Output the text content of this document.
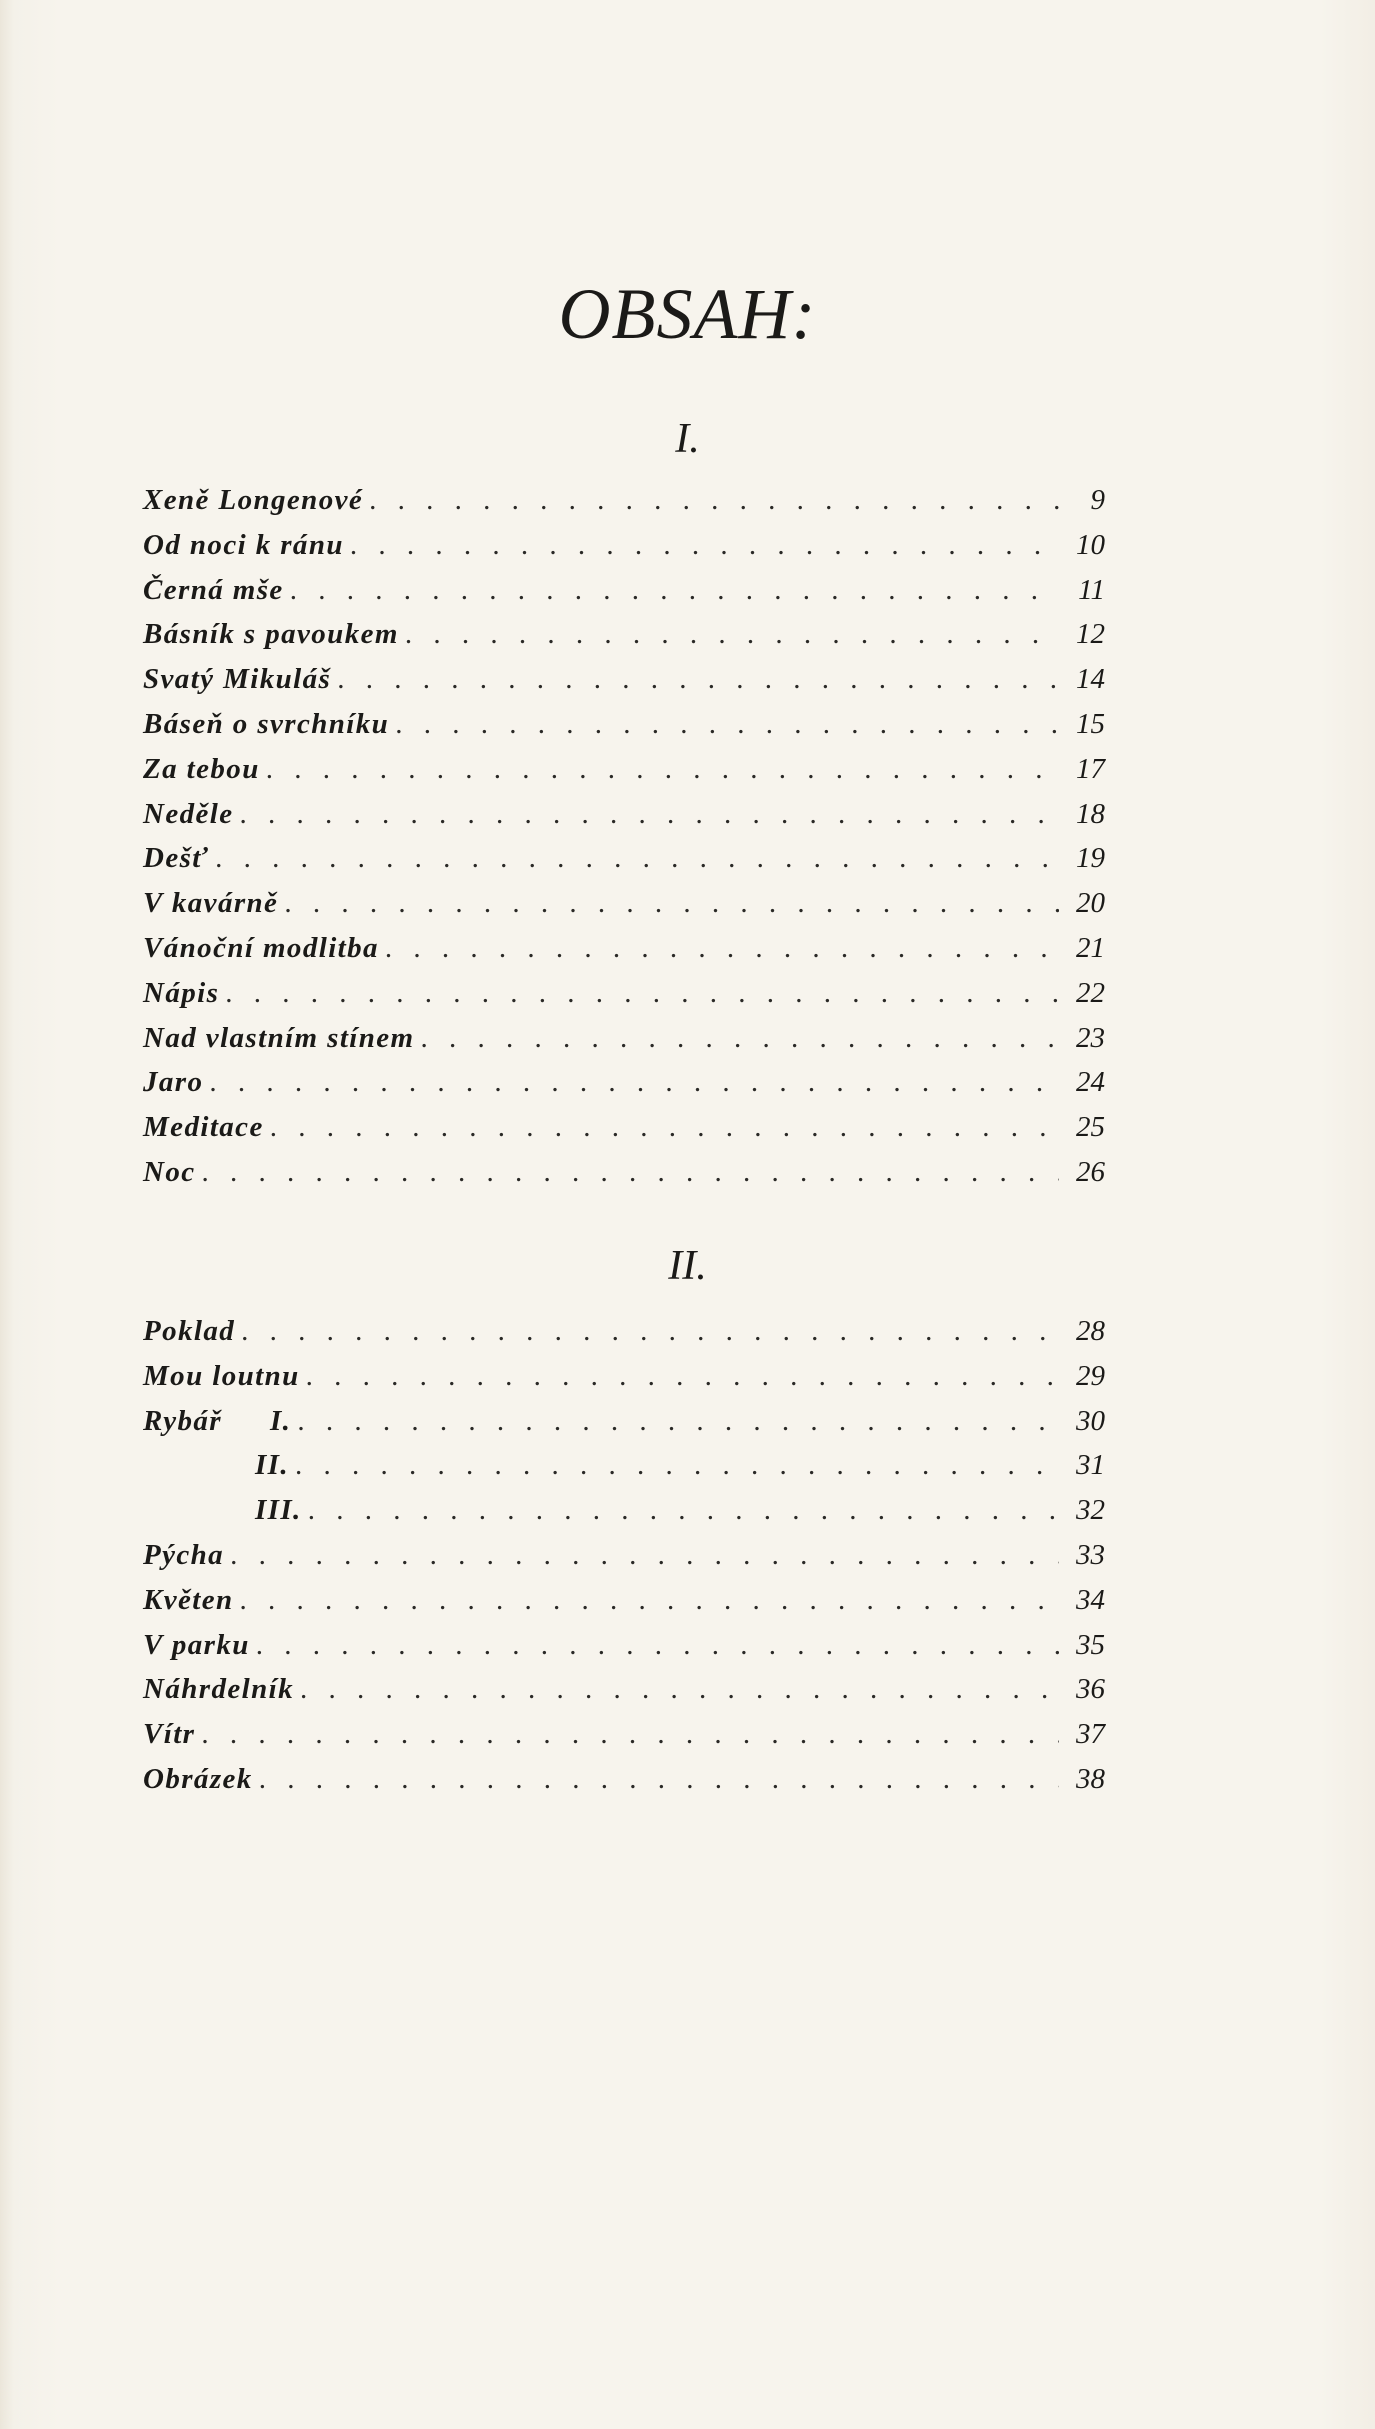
OBSAH:
I.
Xeně Longenové . . .	9
Od noci k ránu . . .	10
Černá mše . . .	11
Básník s pavoukem . . .	12
Svatý Mikuláš . . .	14
Báseň o svrchníku . . .	15
Za tebou . . .	17
Neděle . . .	18
Dešť . . .	19
V kavárně . . .	20
Vánoční modlitba . . .	21
Nápis . . .	22
Nad vlastním stínem . . .	23
Jaro . . .	24
Meditace . . .	25
Noc . . .	26
II.
Poklad . . .	28
Mou loutnu . . .	29
Rybář I. . . .	30
II. . . .	31
III. . . .	32
Pýcha . . .	33
Květen . . .	34
V parku . . .	35
Náhrdelník . . .	36
Vítr . . .	37
Obrázek . . .	38
